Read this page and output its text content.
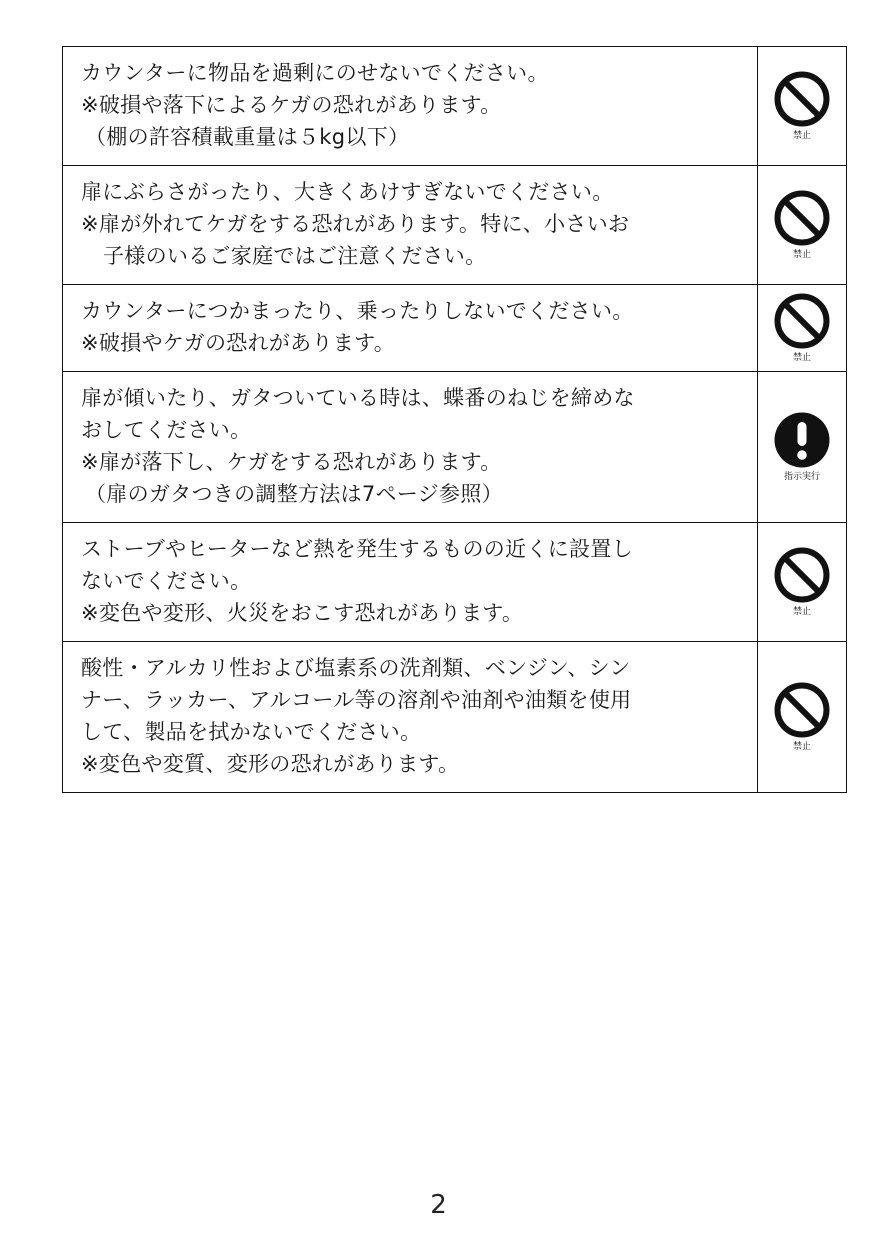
カウンターに物品を過剰にのせないでください。
※破損や落下によるケガの恐れがあります。
（棚の許容積載重量は５kg以下）	禁止

扉にぶらさがったり、大きくあけすぎないでください。
※扉が外れてケガをする恐れがあります。特に、小さいお
子様のいるご家庭ではご注意ください。	禁止

カウンターにつかまったり、乗ったりしないでください。
※破損やケガの恐れがあります。	禁止

扉が傾いたり、ガタついている時は、蝶番のねじを締めな
おしてください。
※扉が落下し、ケガをする恐れがあります。
（扉のガタつきの調整方法は7ページ参照）	指示実行

ストーブやヒーターなど熱を発生するものの近くに設置し
ないでください。
※変色や変形、火災をおこす恐れがあります。	禁止

酸性・アルカリ性および塩素系の洗剤類、ベンジン、シン
ナー、ラッカー、アルコール等の溶剤や油剤や油類を使用
して、製品を拭かないでください。
※変色や変質、変形の恐れがあります。	禁止
2
